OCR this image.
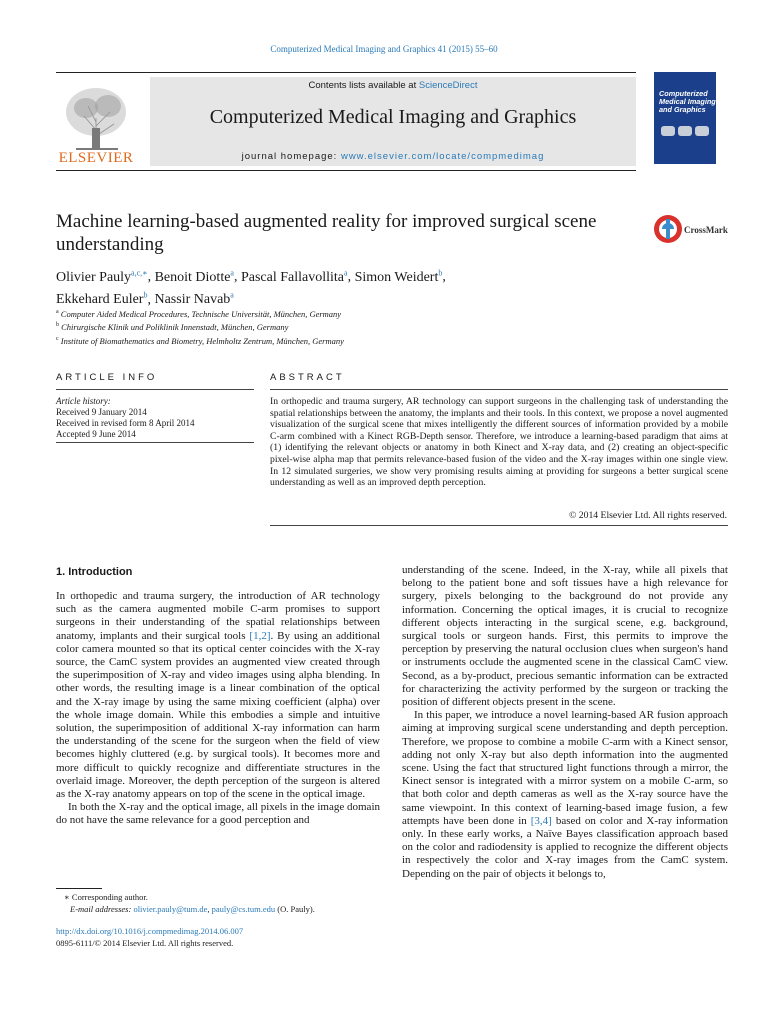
Computerized Medical Imaging and Graphics 41 (2015) 55–60
ELSEVIER
Contents lists available at ScienceDirect
Computerized Medical Imaging and Graphics
journal homepage: www.elsevier.com/locate/compmedimag
Computerized Medical Imaging and Graphics
Machine learning-based augmented reality for improved surgical scene understanding
CrossMark
Olivier Pauly$^{a,c,∗}$, Benoit Diotte$^a$, Pascal Fallavollita$^a$, Simon Weidert$^b$,
Ekkehard Euler$^b$, Nassir Navab$^a$
$^a$ Computer Aided Medical Procedures, Technische Universität, München, Germany
$^b$ Chirurgische Klinik und Poliklinik Innenstadt, München, Germany
$^c$ Institute of Biomathematics and Biometry, Helmholtz Zentrum, München, Germany
ARTICLE INFO
Article history:
Received 9 January 2014
Received in revised form 8 April 2014
Accepted 9 June 2014
ABSTRACT
In orthopedic and trauma surgery, AR technology can support surgeons in the challenging task of understanding the spatial relationships between the anatomy, the implants and their tools. In this context, we propose a novel augmented visualization of the surgical scene that mixes intelligently the different sources of information provided by a mobile C-arm combined with a Kinect RGB-Depth sensor. Therefore, we introduce a learning-based paradigm that aims at (1) identifying the relevant objects or anatomy in both Kinect and X-ray data, and (2) creating an object-specific pixel-wise alpha map that permits relevance-based fusion of the video and the X-ray images within one single view. In 12 simulated surgeries, we show very promising results aiming at providing for surgeons a better surgical scene understanding as well as an improved depth perception.
© 2014 Elsevier Ltd. All rights reserved.
1. Introduction

In orthopedic and trauma surgery, the introduction of AR technology such as the camera augmented mobile C-arm promises to support surgeons in their understanding of the spatial relationships between anatomy, implants and their surgical tools [1,2]. By using an additional color camera mounted so that its optical center coincides with the X-ray source, the CamC system provides an augmented view created through the superimposition of X-ray and video images using alpha blending. In other words, the resulting image is a linear combination of the optical and the X-ray image by using the same mixing coefficient (alpha) over the whole image domain. While this embodies a simple and intuitive solution, the superimposition of additional X-ray information can harm the understanding of the scene for the surgeon when the field of view becomes highly cluttered (e.g. by surgical tools). It becomes more and more difficult to quickly recognize and differentiate structures in the overlaid image. Moreover, the depth perception of the surgeon is altered as the X-ray anatomy appears on top of the scene in the optical image.

In both the X-ray and the optical image, all pixels in the image domain do not have the same relevance for a good perception and

understanding of the scene. Indeed, in the X-ray, while all pixels that belong to the patient bone and soft tissues have a high relevance for surgery, pixels belonging to the background do not provide any information. Concerning the optical images, it is crucial to recognize different objects interacting in the surgical scene, e.g. background, surgical tools or surgeon hands. First, this permits to improve the perception by preserving the natural occlusion clues when surgeon's hand or instruments occlude the augmented scene in the classical CamC view. Second, as a by-product, precious semantic information can be extracted for characterizing the activity performed by the surgeon or tracking the position of different objects present in the scene.

In this paper, we introduce a novel learning-based AR fusion approach aiming at improving surgical scene understanding and depth perception. Therefore, we propose to combine a mobile C-arm with a Kinect sensor, adding not only X-ray but also depth information into the augmented scene. Using the fact that structured light functions through a mirror, the Kinect sensor is integrated with a mirror system on a mobile C-arm, so that both color and depth cameras as well as the X-ray source have the same viewpoint. In this context of learning-based image fusion, a few attempts have been done in [3,4] based on color and X-ray information only. In these early works, a Naïve Bayes classification approach based on the color and radiodensity is applied to recognize the different objects in respectively the color and X-ray images from the CamC system. Depending on the pair of objects it belongs to,

∗ Corresponding author.
E-mail addresses: olivier.pauly@tum.de, pauly@cs.tum.edu (O. Pauly).
http://dx.doi.org/10.1016/j.compmedimag.2014.06.007
0895-6111/© 2014 Elsevier Ltd. All rights reserved.
